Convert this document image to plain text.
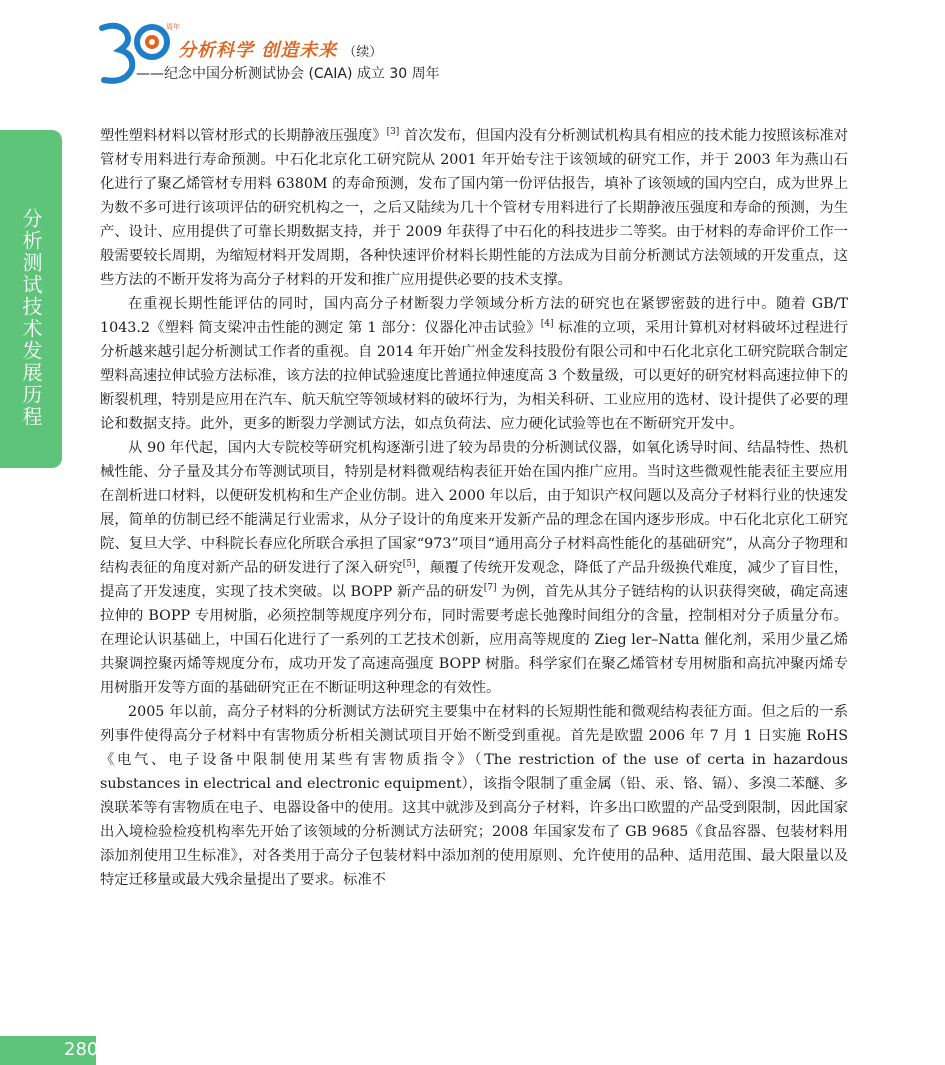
周年
分析科学 创造未来 （续）
——纪念中国分析测试协会 (CAIA) 成立 30 周年
分析测试技术发展历程

塑性塑料材料以管材形式的长期静液压强度》[3] 首次发布，但国内没有分析测试机构具有相应的技术能力按照该标准对管材专用料进行寿命预测。中石化北京化工研究院从 2001 年开始专注于该领域的研究工作，并于 2003 年为燕山石化进行了聚乙烯管材专用料 6380M 的寿命预测，发布了国内第一份评估报告，填补了该领域的国内空白，成为世界上为数不多可进行该项评估的研究机构之一，之后又陆续为几十个管材专用料进行了长期静液压强度和寿命的预测，为生产、设计、应用提供了可靠长期数据支持，并于 2009 年获得了中石化的科技进步二等奖。由于材料的寿命评价工作一般需要较长周期，为缩短材料开发周期，各种快速评价材料长期性能的方法成为目前分析测试方法领域的开发重点，这些方法的不断开发将为高分子材料的开发和推广应用提供必要的技术支撑。

在重视长期性能评估的同时，国内高分子材断裂力学领域分析方法的研究也在紧锣密鼓的进行中。随着 GB/T 1043.2《塑料 简支梁冲击性能的测定 第 1 部分：仪器化冲击试验》[4] 标准的立项，采用计算机对材料破坏过程进行分析越来越引起分析测试工作者的重视。自 2014 年开始广州金发科技股份有限公司和中石化北京化工研究院联合制定塑料高速拉伸试验方法标准，该方法的拉伸试验速度比普通拉伸速度高 3 个数量级，可以更好的研究材料高速拉伸下的断裂机理，特别是应用在汽车、航天航空等领域材料的破坏行为，为相关科研、工业应用的选材、设计提供了必要的理论和数据支持。此外，更多的断裂力学测试方法，如点负荷法、应力硬化试验等也在不断研究开发中。

从 90 年代起，国内大专院校等研究机构逐渐引进了较为昂贵的分析测试仪器，如氧化诱导时间、结晶特性、热机械性能、分子量及其分布等测试项目，特别是材料微观结构表征开始在国内推广应用。当时这些微观性能表征主要应用在剖析进口材料，以便研发机构和生产企业仿制。进入 2000 年以后，由于知识产权问题以及高分子材料行业的快速发展，简单的仿制已经不能满足行业需求，从分子设计的角度来开发新产品的理念在国内逐步形成。中石化北京化工研究院、复旦大学、中科院长春应化所联合承担了国家“973”项目“通用高分子材料高性能化的基础研究”，从高分子物理和结构表征的角度对新产品的研发进行了深入研究[5]，颠覆了传统开发观念，降低了产品升级换代难度，减少了盲目性，提高了开发速度，实现了技术突破。以 BOPP 新产品的研发[7] 为例，首先从其分子链结构的认识获得突破，确定高速拉伸的 BOPP 专用树脂，必须控制等规度序列分布，同时需要考虑长弛豫时间组分的含量，控制相对分子质量分布。在理论认识基础上，中国石化进行了一系列的工艺技术创新，应用高等规度的 Zieg ler–Natta 催化剂，采用少量乙烯共聚调控聚丙烯等规度分布，成功开发了高速高强度 BOPP 树脂。科学家们在聚乙烯管材专用树脂和高抗冲聚丙烯专用树脂开发等方面的基础研究正在不断证明这种理念的有效性。

2005 年以前，高分子材料的分析测试方法研究主要集中在材料的长短期性能和微观结构表征方面。但之后的一系列事件使得高分子材料中有害物质分析相关测试项目开始不断受到重视。首先是欧盟 2006 年 7 月 1 日实施 RoHS《电气、电子设备中限制使用某些有害物质指令》（The restriction of the use of certa in hazardous substances in electrical and electronic equipment），该指令限制了重金属（铅、汞、铬、镉）、多溴二苯醚、多溴联苯等有害物质在电子、电器设备中的使用。这其中就涉及到高分子材料，许多出口欧盟的产品受到限制，因此国家出入境检验检疫机构率先开始了该领域的分析测试方法研究；2008 年国家发布了 GB 9685《食品容器、包装材料用添加剂使用卫生标准》，对各类用于高分子包装材料中添加剂的使用原则、允许使用的品种、适用范围、最大限量以及特定迁移量或最大残余量提出了要求。标准不

280
